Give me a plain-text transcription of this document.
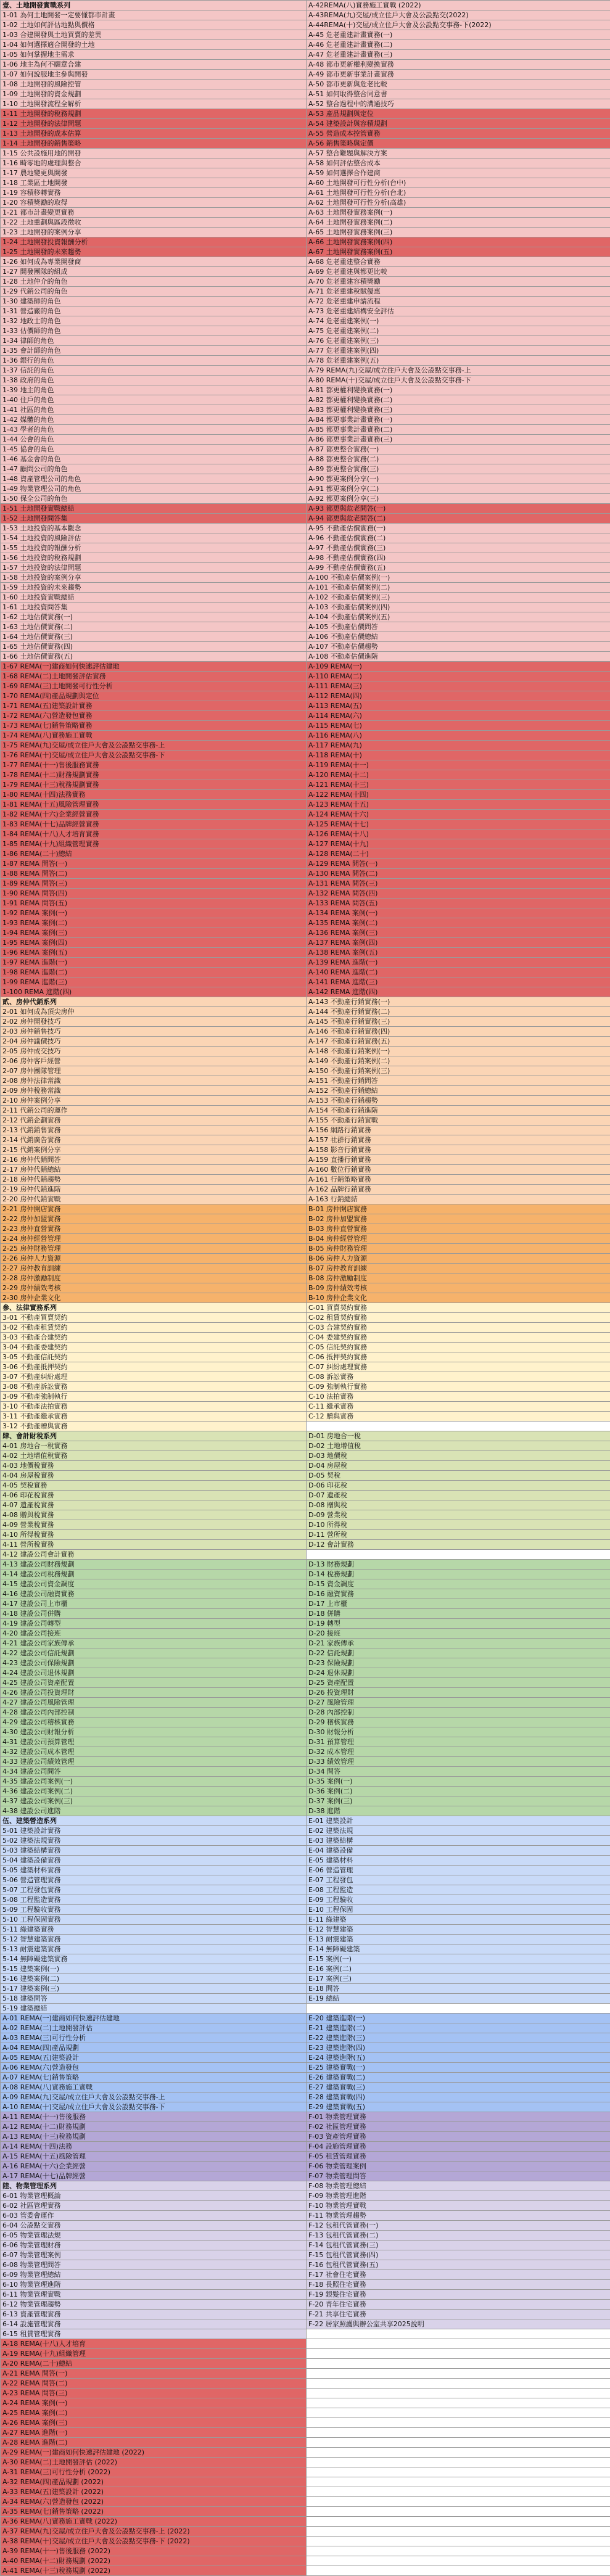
壹、土地開發實戰系列	A-42REMA(八)實務施工實戰 (2022)
1-01 為何土地開發一定要懂都市計畫	A-43REMA(九)交屋/成立住戶大會及公設點交(2022)
1-02 土地如何評估地點與價格	A-44REMA(十)交屋/成立住戶大會及公設點交事務-下(2022)
1-03 合建開發與土地買賣的差異	A-45 危老重建計畫實務(一)
1-04 如何選擇適合開發的土地	A-46 危老重建計畫實務(二)
1-05 如何掌握地主需求	A-47 危老重建計畫實務(三)
1-06 地主為何不願意合建	A-48 都市更新權利變換實務
1-07 如何說服地主參與開發	A-49 都市更新事業計畫實務
1-08 土地開發的風險控管	A-50 都市更新與危老比較
1-09 土地開發的資金規劃	A-51 如何取得整合同意書
1-10 土地開發流程全解析	A-52 整合過程中的溝通技巧
1-11 土地開發的稅務規劃	A-53 產品規劃與定位
1-12 土地開發的法律問題	A-54 建築設計與容積規劃
1-13 土地開發的成本估算	A-55 營造成本控管實務
1-14 土地開發的銷售策略	A-56 銷售策略與定價
1-15 公共設施用地的開發	A-57 整合難題與解決方案
1-16 畸零地的處理與整合	A-58 如何評估整合成本
1-17 農地變更與開發	A-59 如何選擇合作建商
1-18 工業區土地開發	A-60 土地開發可行性分析(台中)
1-19 容積移轉實務	A-61 土地開發可行性分析(台北)
1-20 容積獎勵的取得	A-62 土地開發可行性分析(高雄)
1-21 都市計畫變更實務	A-63 土地開發實務案例(一)
1-22 土地重劃與區段徵收	A-64 土地開發實務案例(二)
1-23 土地開發的案例分享	A-65 土地開發實務案例(三)
1-24 土地開發投資報酬分析	A-66 土地開發實務案例(四)
1-25 土地開發的未來趨勢	A-67 土地開發實務案例(五)
1-26 如何成為專業開發商	A-68 危老重建整合實務
1-27 開發團隊的組成	A-69 危老重建與都更比較
1-28 土地仲介的角色	A-70 危老重建容積獎勵
1-29 代銷公司的角色	A-71 危老重建稅賦優惠
1-30 建築師的角色	A-72 危老重建申請流程
1-31 營造廠的角色	A-73 危老重建結構安全評估
1-32 地政士的角色	A-74 危老重建案例(一)
1-33 估價師的角色	A-75 危老重建案例(二)
1-34 律師的角色	A-76 危老重建案例(三)
1-35 會計師的角色	A-77 危老重建案例(四)
1-36 銀行的角色	A-78 危老重建案例(五)
1-37 信託的角色	A-79 REMA(九)交屋/成立住戶大會及公設點交事務-上
1-38 政府的角色	A-80 REMA(十)交屋/成立住戶大會及公設點交事務-下
1-39 地主的角色	A-81 都更權利變換實務(一)
1-40 住戶的角色	A-82 都更權利變換實務(二)
1-41 社區的角色	A-83 都更權利變換實務(三)
1-42 媒體的角色	A-84 都更事業計畫實務(一)
1-43 學者的角色	A-85 都更事業計畫實務(二)
1-44 公會的角色	A-86 都更事業計畫實務(三)
1-45 協會的角色	A-87 都更整合實務(一)
1-46 基金會的角色	A-88 都更整合實務(二)
1-47 顧問公司的角色	A-89 都更整合實務(三)
1-48 資產管理公司的角色	A-90 都更案例分享(一)
1-49 物業管理公司的角色	A-91 都更案例分享(二)
1-50 保全公司的角色	A-92 都更案例分享(三)
1-51 土地開發實戰總結	A-93 都更與危老問答(一)
1-52 土地開發問答集	A-94 都更與危老問答(二)
1-53 土地投資的基本觀念	A-95 不動產估價實務(一)
1-54 土地投資的風險評估	A-96 不動產估價實務(二)
1-55 土地投資的報酬分析	A-97 不動產估價實務(三)
1-56 土地投資的稅務規劃	A-98 不動產估價實務(四)
1-57 土地投資的法律問題	A-99 不動產估價實務(五)
1-58 土地投資的案例分享	A-100 不動產估價案例(一)
1-59 土地投資的未來趨勢	A-101 不動產估價案例(二)
1-60 土地投資實戰總結	A-102 不動產估價案例(三)
1-61 土地投資問答集	A-103 不動產估價案例(四)
1-62 土地估價實務(一)	A-104 不動產估價案例(五)
1-63 土地估價實務(二)	A-105 不動產估價問答
1-64 土地估價實務(三)	A-106 不動產估價總結
1-65 土地估價實務(四)	A-107 不動產估價趨勢
1-66 土地估價實務(五)	A-108 不動產估價進階
1-67 REMA(一)建商如何快速評估建地	A-109 REMA(一)
1-68 REMA(二)土地開發評估實務	A-110 REMA(二)
1-69 REMA(三)土地開發可行性分析	A-111 REMA(三)
1-70 REMA(四)產品規劃與定位	A-112 REMA(四)
1-71 REMA(五)建築設計實務	A-113 REMA(五)
1-72 REMA(六)營造發包實務	A-114 REMA(六)
1-73 REMA(七)銷售策略實務	A-115 REMA(七)
1-74 REMA(八)實務施工實戰	A-116 REMA(八)
1-75 REMA(九)交屋/成立住戶大會及公設點交事務-上	A-117 REMA(九)
1-76 REMA(十)交屋/成立住戶大會及公設點交事務-下	A-118 REMA(十)
1-77 REMA(十一)售後服務實務	A-119 REMA(十一)
1-78 REMA(十二)財務規劃實務	A-120 REMA(十二)
1-79 REMA(十三)稅務規劃實務	A-121 REMA(十三)
1-80 REMA(十四)法務實務	A-122 REMA(十四)
1-81 REMA(十五)風險管理實務	A-123 REMA(十五)
1-82 REMA(十六)企業經營實務	A-124 REMA(十六)
1-83 REMA(十七)品牌經營實務	A-125 REMA(十七)
1-84 REMA(十八)人才培育實務	A-126 REMA(十八)
1-85 REMA(十九)組織管理實務	A-127 REMA(十九)
1-86 REMA(二十)總結	A-128 REMA(二十)
1-87 REMA 問答(一)	A-129 REMA 問答(一)
1-88 REMA 問答(二)	A-130 REMA 問答(二)
1-89 REMA 問答(三)	A-131 REMA 問答(三)
1-90 REMA 問答(四)	A-132 REMA 問答(四)
1-91 REMA 問答(五)	A-133 REMA 問答(五)
1-92 REMA 案例(一)	A-134 REMA 案例(一)
1-93 REMA 案例(二)	A-135 REMA 案例(二)
1-94 REMA 案例(三)	A-136 REMA 案例(三)
1-95 REMA 案例(四)	A-137 REMA 案例(四)
1-96 REMA 案例(五)	A-138 REMA 案例(五)
1-97 REMA 進階(一)	A-139 REMA 進階(一)
1-98 REMA 進階(二)	A-140 REMA 進階(二)
1-99 REMA 進階(三)	A-141 REMA 進階(三)
1-100 REMA 進階(四)	A-142 REMA 進階(四)
貳、房仲代銷系列	A-143 不動產行銷實務(一)
2-01 如何成為頂尖房仲	A-144 不動產行銷實務(二)
2-02 房仲開發技巧	A-145 不動產行銷實務(三)
2-03 房仲銷售技巧	A-146 不動產行銷實務(四)
2-04 房仲議價技巧	A-147 不動產行銷實務(五)
2-05 房仲成交技巧	A-148 不動產行銷案例(一)
2-06 房仲客戶經營	A-149 不動產行銷案例(二)
2-07 房仲團隊管理	A-150 不動產行銷案例(三)
2-08 房仲法律常識	A-151 不動產行銷問答
2-09 房仲稅務常識	A-152 不動產行銷總結
2-10 房仲案例分享	A-153 不動產行銷趨勢
2-11 代銷公司的運作	A-154 不動產行銷進階
2-12 代銷企劃實務	A-155 不動產行銷實戰
2-13 代銷銷售實務	A-156 網路行銷實務
2-14 代銷廣告實務	A-157 社群行銷實務
2-15 代銷案例分享	A-158 影音行銷實務
2-16 房仲代銷問答	A-159 直播行銷實務
2-17 房仲代銷總結	A-160 數位行銷實務
2-18 房仲代銷趨勢	A-161 行銷策略實務
2-19 房仲代銷進階	A-162 品牌行銷實務
2-20 房仲代銷實戰	A-163 行銷總結
2-21 房仲開店實務	B-01 房仲開店實務
2-22 房仲加盟實務	B-02 房仲加盟實務
2-23 房仲直營實務	B-03 房仲直營實務
2-24 房仲經營管理	B-04 房仲經營管理
2-25 房仲財務管理	B-05 房仲財務管理
2-26 房仲人力資源	B-06 房仲人力資源
2-27 房仲教育訓練	B-07 房仲教育訓練
2-28 房仲激勵制度	B-08 房仲激勵制度
2-29 房仲績效考核	B-09 房仲績效考核
2-30 房仲企業文化	B-10 房仲企業文化
參、法律實務系列	C-01 買賣契約實務
3-01 不動產買賣契約	C-02 租賃契約實務
3-02 不動產租賃契約	C-03 合建契約實務
3-03 不動產合建契約	C-04 委建契約實務
3-04 不動產委建契約	C-05 信託契約實務
3-05 不動產信託契約	C-06 抵押契約實務
3-06 不動產抵押契約	C-07 糾紛處理實務
3-07 不動產糾紛處理	C-08 訴訟實務
3-08 不動產訴訟實務	C-09 強制執行實務
3-09 不動產強制執行	C-10 法拍實務
3-10 不動產法拍實務	C-11 繼承實務
3-11 不動產繼承實務	C-12 贈與實務
3-12 不動產贈與實務	
肆、會計財稅系列	D-01 房地合一稅
4-01 房地合一稅實務	D-02 土地增值稅
4-02 土地增值稅實務	D-03 地價稅
4-03 地價稅實務	D-04 房屋稅
4-04 房屋稅實務	D-05 契稅
4-05 契稅實務	D-06 印花稅
4-06 印花稅實務	D-07 遺產稅
4-07 遺產稅實務	D-08 贈與稅
4-08 贈與稅實務	D-09 營業稅
4-09 營業稅實務	D-10 所得稅
4-10 所得稅實務	D-11 營所稅
4-11 營所稅實務	D-12 會計實務
4-12 建設公司會計實務	
4-13 建設公司財務規劃	D-13 財務規劃
4-14 建設公司稅務規劃	D-14 稅務規劃
4-15 建設公司資金調度	D-15 資金調度
4-16 建設公司融資實務	D-16 融資實務
4-17 建設公司上市櫃	D-17 上市櫃
4-18 建設公司併購	D-18 併購
4-19 建設公司轉型	D-19 轉型
4-20 建設公司接班	D-20 接班
4-21 建設公司家族傳承	D-21 家族傳承
4-22 建設公司信託規劃	D-22 信託規劃
4-23 建設公司保險規劃	D-23 保險規劃
4-24 建設公司退休規劃	D-24 退休規劃
4-25 建設公司資產配置	D-25 資產配置
4-26 建設公司投資理財	D-26 投資理財
4-27 建設公司風險管理	D-27 風險管理
4-28 建設公司內部控制	D-28 內部控制
4-29 建設公司稽核實務	D-29 稽核實務
4-30 建設公司財報分析	D-30 財報分析
4-31 建設公司預算管理	D-31 預算管理
4-32 建設公司成本管理	D-32 成本管理
4-33 建設公司績效管理	D-33 績效管理
4-34 建設公司問答	D-34 問答
4-35 建設公司案例(一)	D-35 案例(一)
4-36 建設公司案例(二)	D-36 案例(二)
4-37 建設公司案例(三)	D-37 案例(三)
4-38 建設公司進階	D-38 進階
伍、建築營造系列	E-01 建築設計
5-01 建築設計實務	E-02 建築法規
5-02 建築法規實務	E-03 建築結構
5-03 建築結構實務	E-04 建築設備
5-04 建築設備實務	E-05 建築材料
5-05 建築材料實務	E-06 營造管理
5-06 營造管理實務	E-07 工程發包
5-07 工程發包實務	E-08 工程監造
5-08 工程監造實務	E-09 工程驗收
5-09 工程驗收實務	E-10 工程保固
5-10 工程保固實務	E-11 綠建築
5-11 綠建築實務	E-12 智慧建築
5-12 智慧建築實務	E-13 耐震建築
5-13 耐震建築實務	E-14 無障礙建築
5-14 無障礙建築實務	E-15 案例(一)
5-15 建築案例(一)	E-16 案例(二)
5-16 建築案例(二)	E-17 案例(三)
5-17 建築案例(三)	E-18 問答
5-18 建築問答	E-19 總結
5-19 建築總結	
A-01 REMA(一)建商如何快速評估建地	E-20 建築進階(一)
A-02 REMA(二)土地開發評估	E-21 建築進階(二)
A-03 REMA(三)可行性分析	E-22 建築進階(三)
A-04 REMA(四)產品規劃	E-23 建築進階(四)
A-05 REMA(五)建築設計	E-24 建築進階(五)
A-06 REMA(六)營造發包	E-25 建築實戰(一)
A-07 REMA(七)銷售策略	E-26 建築實戰(二)
A-08 REMA(八)實務施工實戰	E-27 建築實戰(三)
A-09 REMA(九)交屋/成立住戶大會及公設點交事務-上	E-28 建築實戰(四)
A-10 REMA(十)交屋/成立住戶大會及公設點交事務-下	E-29 建築實戰(五)
A-11 REMA(十一)售後服務	F-01 物業管理實務
A-12 REMA(十二)財務規劃	F-02 社區管理實務
A-13 REMA(十三)稅務規劃	F-03 資產管理實務
A-14 REMA(十四)法務	F-04 設施管理實務
A-15 REMA(十五)風險管理	F-05 租賃管理實務
A-16 REMA(十六)企業經營	F-06 物業管理案例
A-17 REMA(十七)品牌經營	F-07 物業管理問答
陸、物業管理系列	F-08 物業管理總結
6-01 物業管理概論	F-09 物業管理進階
6-02 社區管理實務	F-10 物業管理實戰
6-03 管委會運作	F-11 物業管理趨勢
6-04 公設點交實務	F-12 包租代管實務(一)
6-05 物業管理法規	F-13 包租代管實務(二)
6-06 物業管理財務	F-14 包租代管實務(三)
6-07 物業管理案例	F-15 包租代管實務(四)
6-08 物業管理問答	F-16 包租代管實務(五)
6-09 物業管理總結	F-17 社會住宅實務
6-10 物業管理進階	F-18 長照住宅實務
6-11 物業管理實戰	F-19 銀髮住宅實務
6-12 物業管理趨勢	F-20 青年住宅實務
6-13 資產管理實務	F-21 共享住宅實務
6-14 設施管理實務	F-22 居家照護與辦公室共享2025說明
6-15 租賃管理實務	
A-18 REMA(十八)人才培育	
A-19 REMA(十九)組織管理	
A-20 REMA(二十)總結	
A-21 REMA 問答(一)	
A-22 REMA 問答(二)	
A-23 REMA 問答(三)	
A-24 REMA 案例(一)	
A-25 REMA 案例(二)	
A-26 REMA 案例(三)	
A-27 REMA 進階(一)	
A-28 REMA 進階(二)	
A-29 REMA(一)建商如何快速評估建地 (2022)	
A-30 REMA(二)土地開發評估 (2022)	
A-31 REMA(三)可行性分析 (2022)	
A-32 REMA(四)產品規劃 (2022)	
A-33 REMA(五)建築設計 (2022)	
A-34 REMA(六)營造發包 (2022)	
A-35 REMA(七)銷售策略 (2022)	
A-36 REMA(八)實務施工實戰 (2022)	
A-37 REMA(九)交屋/成立住戶大會及公設點交事務-上 (2022)	
A-38 REMA(十)交屋/成立住戶大會及公設點交事務-下 (2022)	
A-39 REMA(十一)售後服務 (2022)	
A-40 REMA(十二)財務規劃 (2022)	
A-41 REMA(十三)稅務規劃 (2022)	
